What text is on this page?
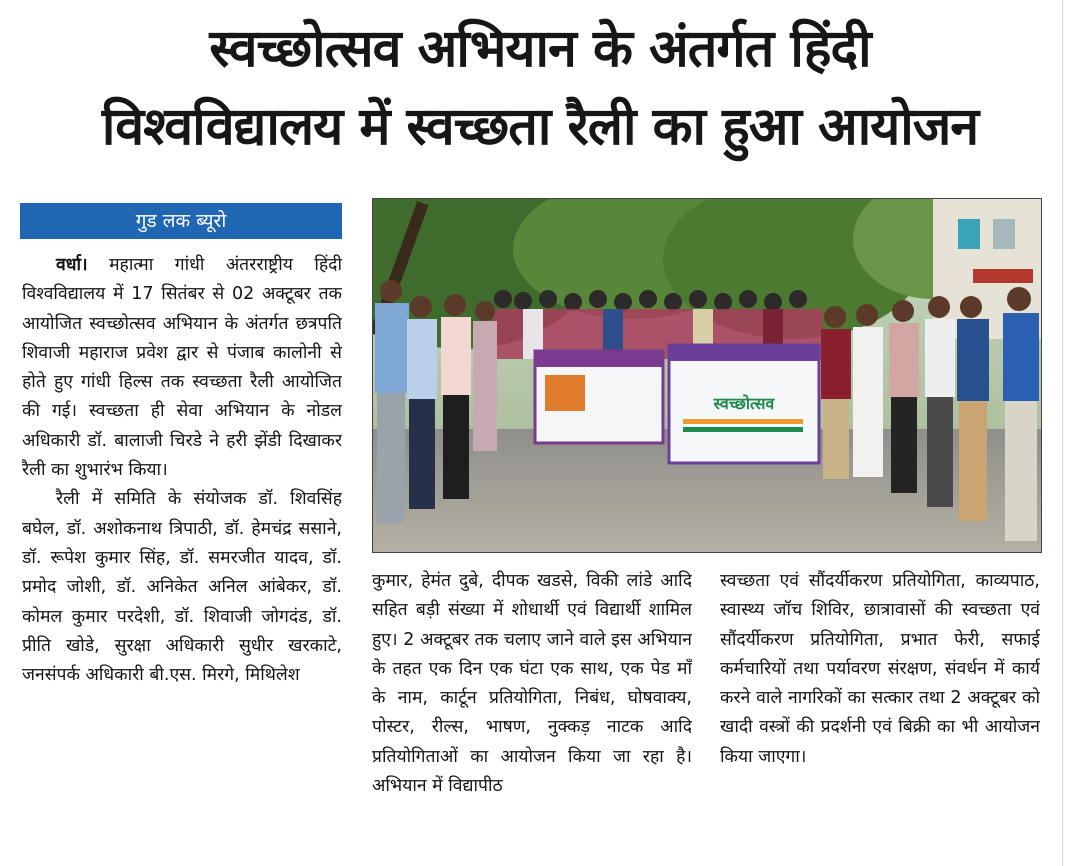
स्वच्छोत्सव अभियान के अंतर्गत हिंदी
विश्वविद्यालय में स्वच्छता रैली का हुआ आयोजन
गुड लक ब्यूरो

वर्धा। महात्मा गांधी अंतरराष्ट्रीय हिंदी विश्वविद्यालय में 17 सितंबर से 02 अक्टूबर तक आयोजित स्वच्छोत्सव अभियान के अंतर्गत छत्रपति शिवाजी महाराज प्रवेश द्वार से पंजाब कालोनी से होते हुए गांधी हिल्स तक स्वच्छता रैली आयोजित की गई। स्वच्छता ही सेवा अभियान के नोडल अधिकारी डॉ. बालाजी चिरडे ने हरी झेंडी दिखाकर रैली का शुभारंभ किया।

रैली में समिति के संयोजक डॉ. शिवसिंह बघेल, डॉ. अशोकनाथ त्रिपाठी, डॉ. हेमचंद्र ससाने, डॉ. रूपेश कुमार सिंह, डॉ. समरजीत यादव, डॉ. प्रमोद जोशी, डॉ. अनिकेत अनिल आंबेकर, डॉ. कोमल कुमार परदेशी, डॉ. शिवाजी जोगदंड, डॉ. प्रीति खोडे, सुरक्षा अधिकारी सुधीर खरकाटे, जनसंपर्क अधिकारी बी.एस. मिरगे, मिथिलेश

स्वच्छोत्सव

कुमार, हेमंत दुबे, दीपक खडसे, विकी लांडे आदि सहित बड़ी संख्या में शोधार्थी एवं विद्यार्थी शामिल हुए। 2 अक्टूबर तक चलाए जाने वाले इस अभियान के तहत एक दिन एक घंटा एक साथ, एक पेड मॉं के नाम, कार्टून प्रतियोगिता, निबंध, घोषवाक्य, पोस्टर, रील्स, भाषण, नुक्कड़ नाटक आदि प्रतियोगिताओं का आयोजन किया जा रहा है। अभियान में विद्यापीठ

स्वच्छता एवं सौंदर्यीकरण प्रतियोगिता, काव्यपाठ, स्वास्थ्य जॉच शिविर, छात्रावासों की स्वच्छता एवं सौंदर्यीकरण प्रतियोगिता, प्रभात फेरी, सफाई कर्मचारियों तथा पर्यावरण संरक्षण, संवर्धन में कार्य करने वाले नागरिकों का सत्कार तथा 2 अक्टूबर को खादी वस्त्रों की प्रदर्शनी एवं बिक्री का भी आयोजन किया जाएगा।
